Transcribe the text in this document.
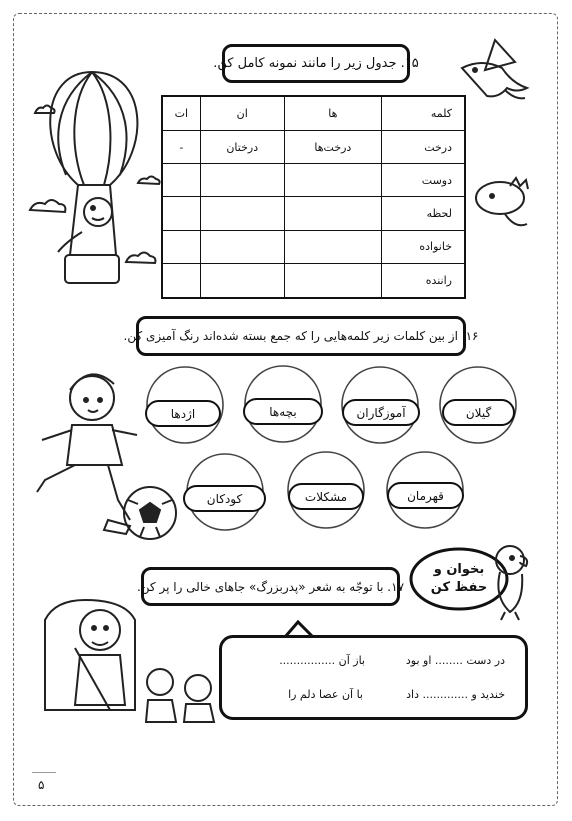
۱۵. جدول زیر را مانند نمونه کامل کن.
کلمه	ها	ان	ات
درخت	درخت‌ها	درختان	-
دوست			
لحظه			
خانواده			
راننده			
۱۶. از بین کلمات زیر کلمه‌هایی را که جمع بسته شده‌اند رنگ آمیزی کن.
گیلان
آموزگاران
بچه‌ها
اژدها
قهرمان
مشکلات
کودکان
۱۷. با توجّه به شعر «پدربزرگ» جاهای خالی را پر کن.
بخوان و
حفظ کن
در دست ........ او بود
باز آن ................
خندید و ............. داد
با آن عصا دلم را
۵
